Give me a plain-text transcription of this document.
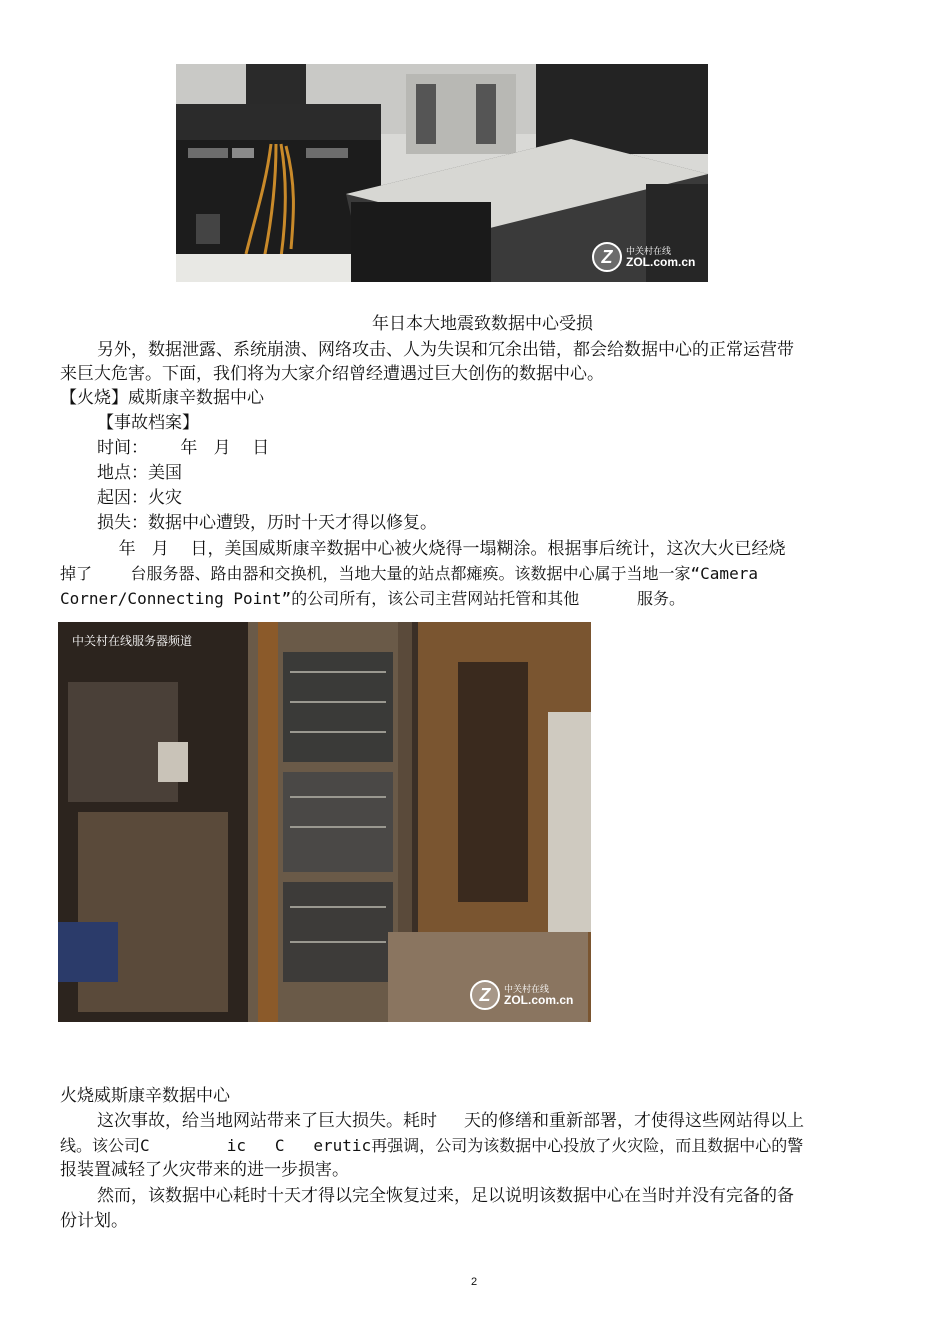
Z	中关村在线
ZOL.com.cn
年日本大地震致数据中心受损
另外，数据泄露、系统崩溃、网络攻击、人为失误和冗余出错，都会给数据中心的正常运营带
来巨大危害。下面，我们将为大家介绍曾经遭遇过巨大创伤的数据中心。
【火烧】威斯康辛数据中心
【事故档案】
时间：      年   月    日
地点：美国
起因：火灾
损失：数据中心遭毁，历时十天才得以修复。
年   月    日，美国威斯康辛数据中心被火烧得一塌糊涂。根据事后统计，这次大火已经烧
掉了    台服务器、路由器和交换机，当地大量的站点都瘫痪。该数据中心属于当地一家“Camera
Corner/Connecting Point”的公司所有，该公司主营网站托管和其他      服务。
中关村在线服务器频道
Z	中关村在线
ZOL.com.cn
火烧威斯康辛数据中心
这次事故，给当地网站带来了巨大损失。耗时     天的修缮和重新部署，才使得这些网站得以上
线。该公司C        ic   C   erutic再强调，公司为该数据中心投放了火灾险，而且数据中心的警
报装置减轻了火灾带来的进一步损害。
然而，该数据中心耗时十天才得以完全恢复过来，足以说明该数据中心在当时并没有完备的备
份计划。
2
